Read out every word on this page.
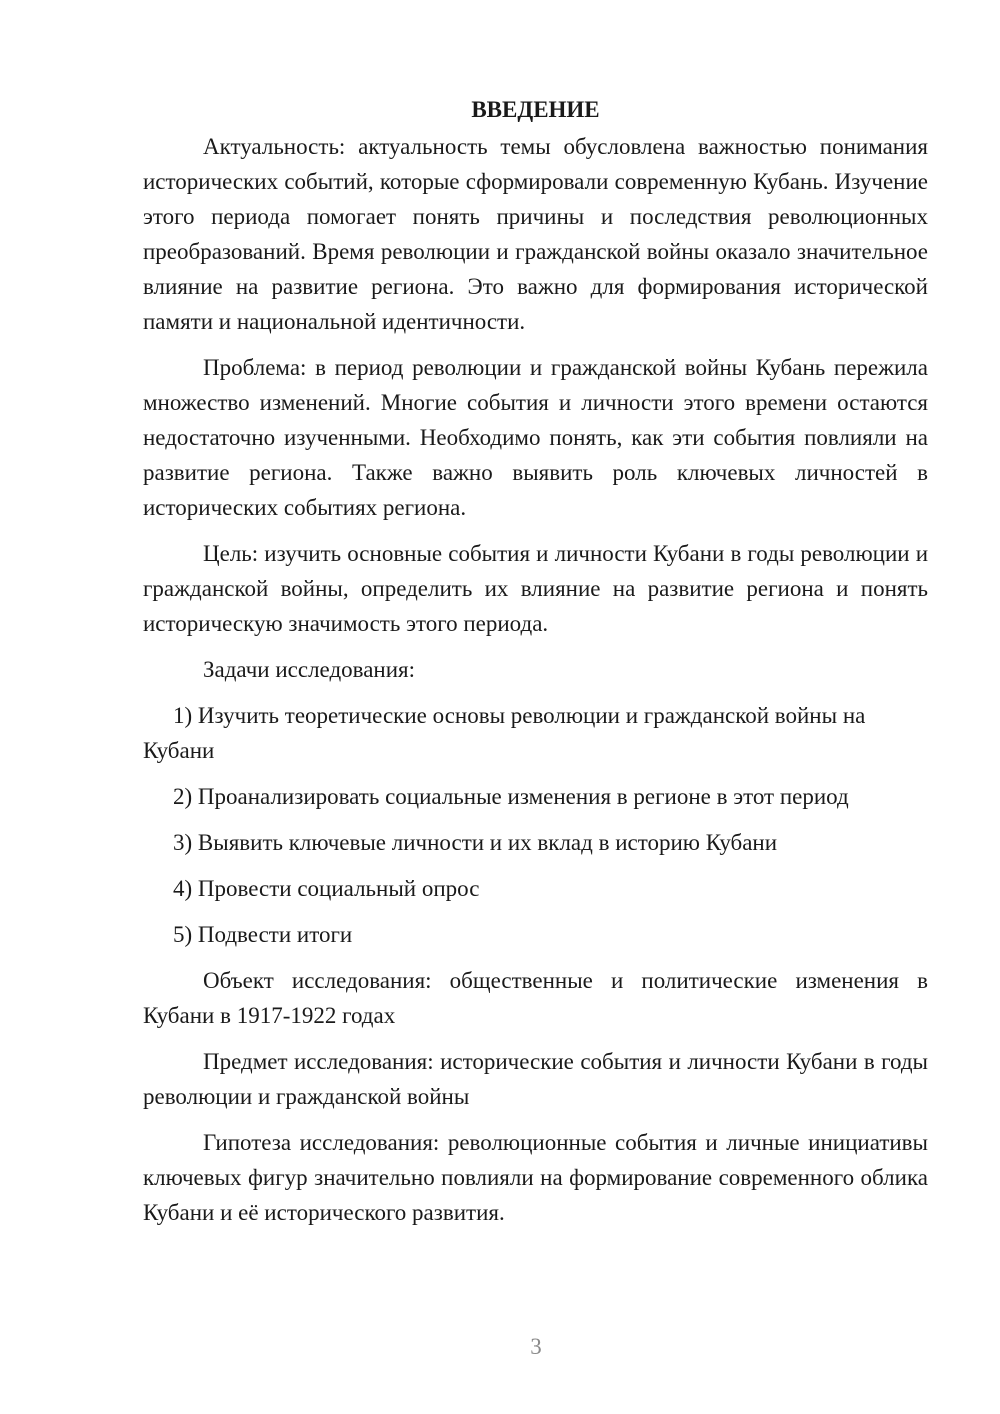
ВВЕДЕНИЕ

Актуальность: актуальность темы обусловлена важностью понимания исторических событий, которые сформировали современную Кубань. Изучение этого периода помогает понять причины и последствия революционных преобразований. Время революции и гражданской войны оказало значительное влияние на развитие региона. Это важно для формирования исторической памяти и национальной идентичности.

Проблема: в период революции и гражданской войны Кубань пережила множество изменений. Многие события и личности этого времени остаются недостаточно изученными. Необходимо понять, как эти события повлияли на развитие региона. Также важно выявить роль ключевых личностей в исторических событиях региона.

Цель: изучить основные события и личности Кубани в годы революции и гражданской войны, определить их влияние на развитие региона и понять историческую значимость этого периода.

Задачи исследования:

1) Изучить теоретические основы революции и гражданской войны на Кубани
2) Проанализировать социальные изменения в регионе в этот период
3) Выявить ключевые личности и их вклад в историю Кубани
4) Провести социальный опрос
5) Подвести итоги

Объект исследования: общественные и политические изменения в Кубани в 1917-1922 годах

Предмет исследования: исторические события и личности Кубани в годы революции и гражданской войны

Гипотеза исследования: революционные события и личные инициативы ключевых фигур значительно повлияли на формирование современного облика Кубани и её исторического развития.

3
